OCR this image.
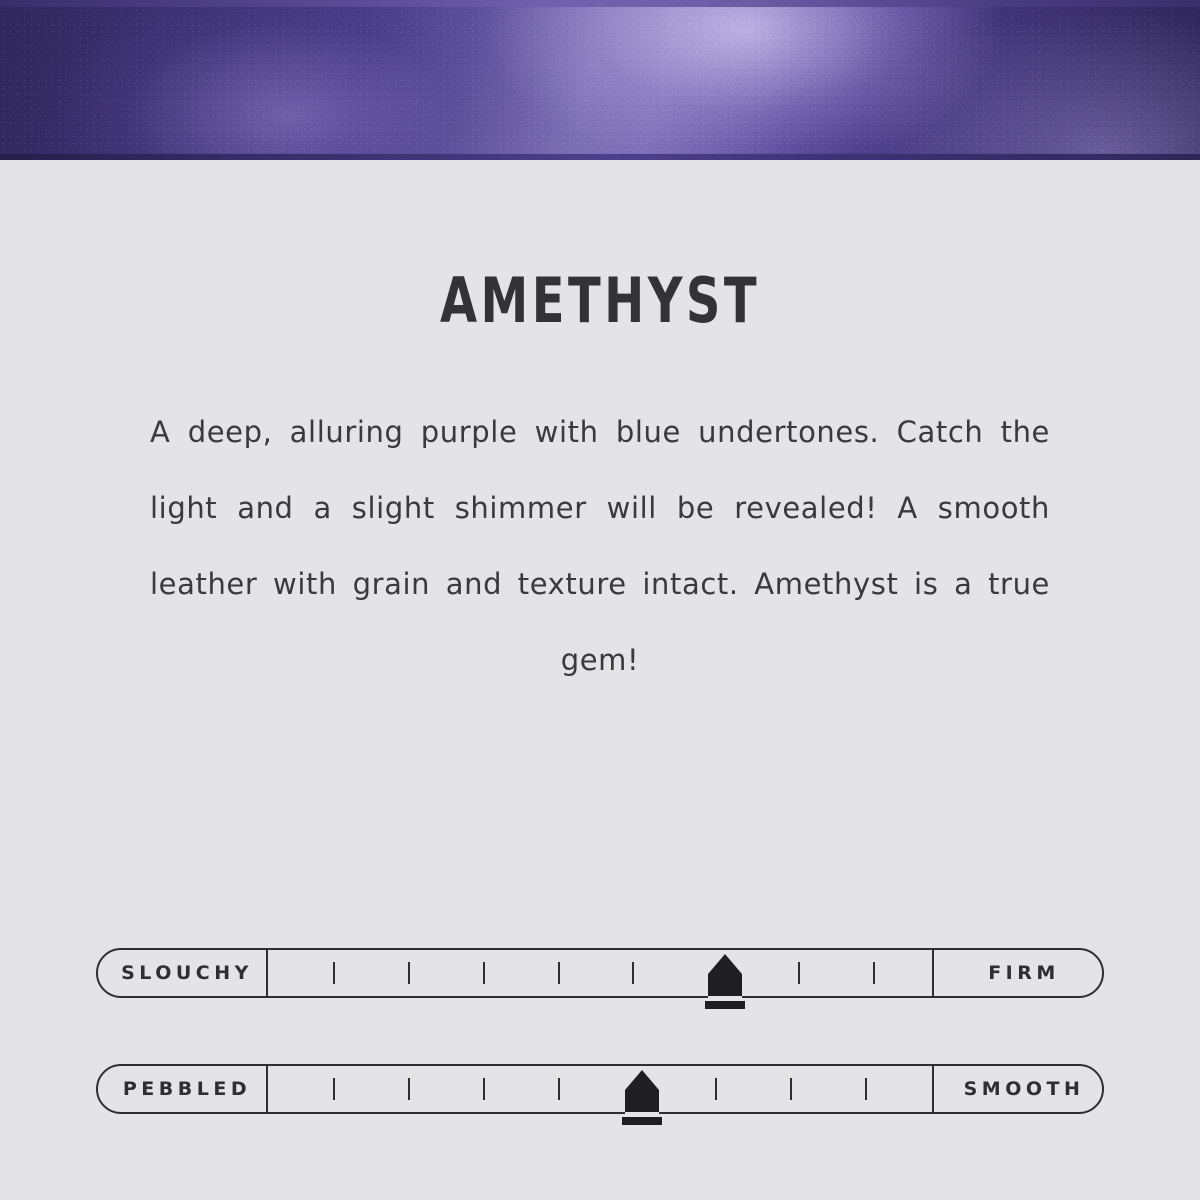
AMETHYST

A deep, alluring purple with blue undertones. Catch the light and a slight shimmer will be revealed! A smooth leather with grain and texture intact. Amethyst is a true gem!

SLOUCHY	FIRM
PEBBLED	SMOOTH
